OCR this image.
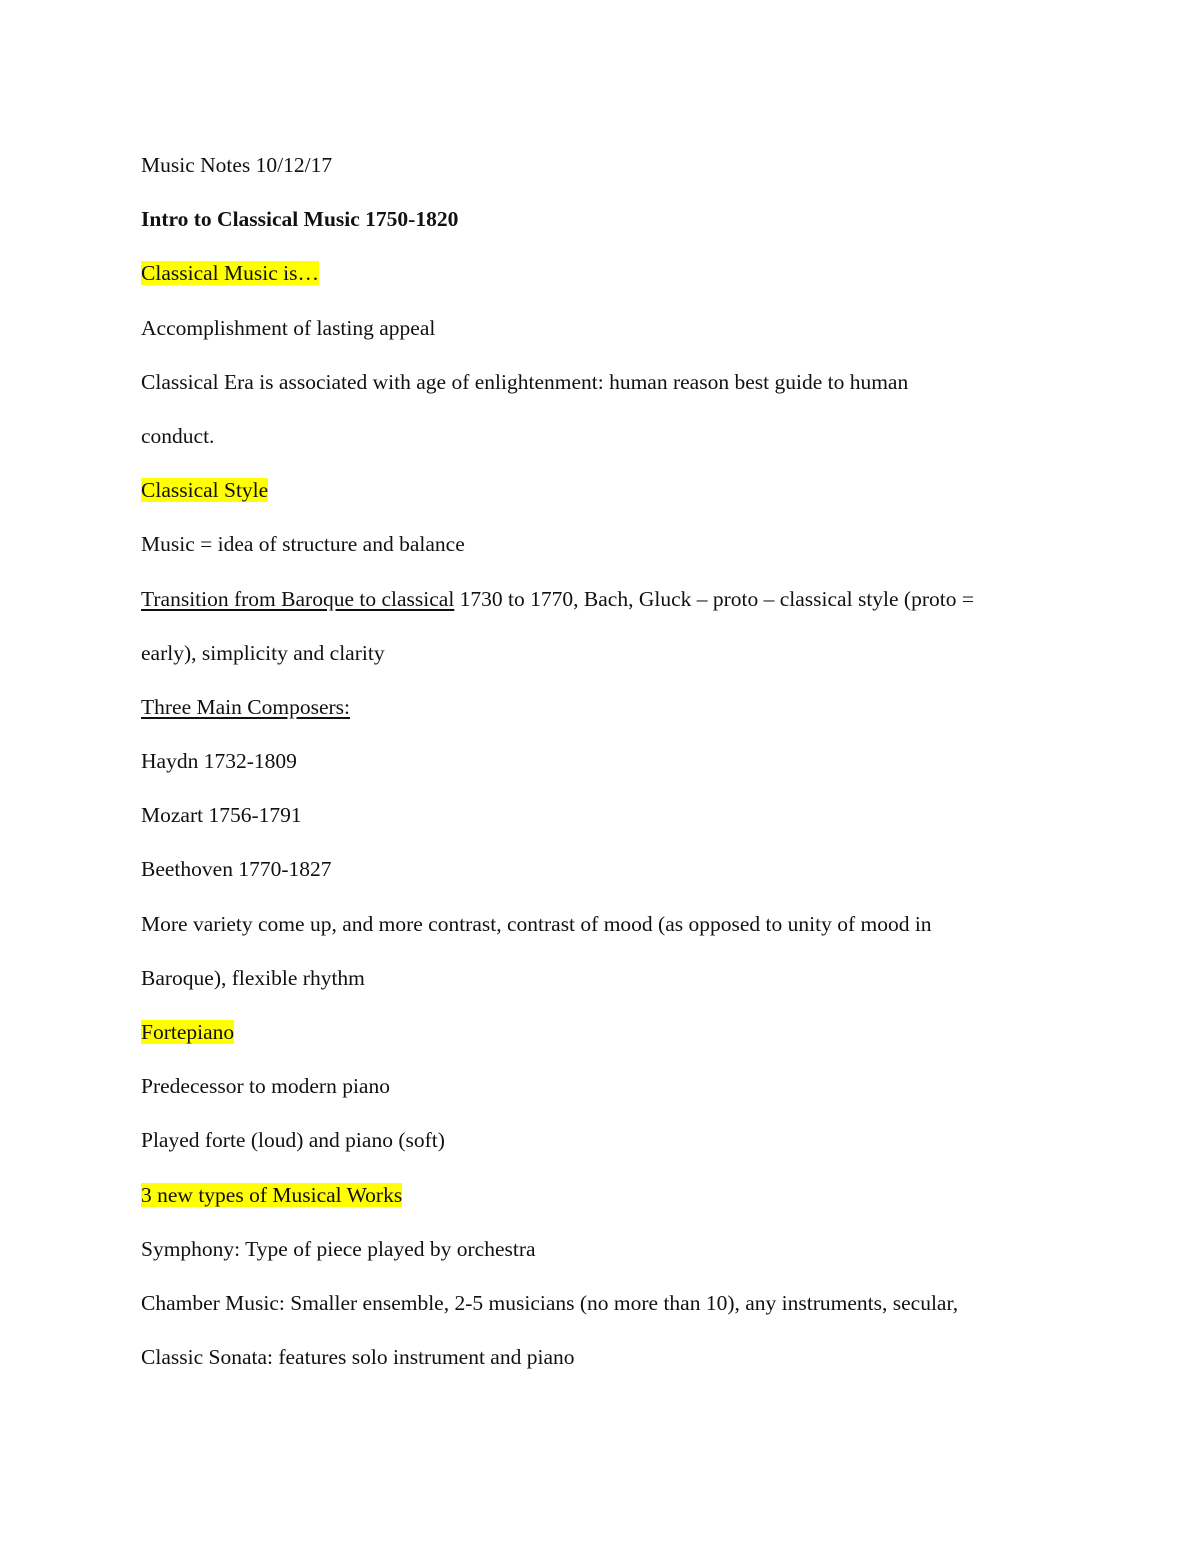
Music Notes 10/12/17
Intro to Classical Music 1750-1820
Classical Music is…
Accomplishment of lasting appeal
Classical Era is associated with age of enlightenment: human reason best guide to human
conduct.
Classical Style
Music = idea of structure and balance
Transition from Baroque to classical 1730 to 1770, Bach, Gluck – proto – classical style (proto =
early), simplicity and clarity
Three Main Composers:
Haydn 1732-1809
Mozart 1756-1791
Beethoven 1770-1827
More variety come up, and more contrast, contrast of mood (as opposed to unity of mood in
Baroque), flexible rhythm
Fortepiano
Predecessor to modern piano
Played forte (loud) and piano (soft)
3 new types of Musical Works
Symphony: Type of piece played by orchestra
Chamber Music: Smaller ensemble, 2-5 musicians (no more than 10), any instruments, secular,
Classic Sonata: features solo instrument and piano
